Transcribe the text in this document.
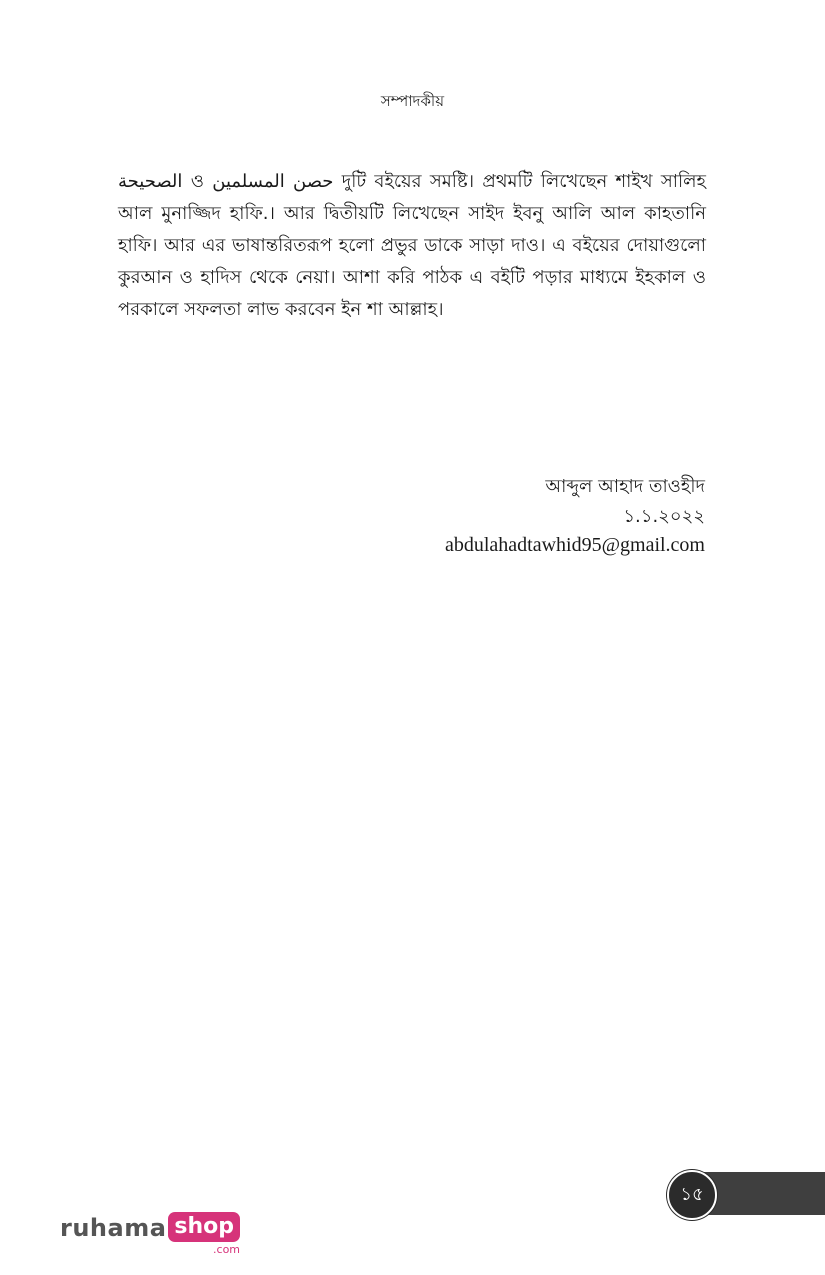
সম্পাদকীয়
حصن المسلمين ও الصحيحة দুটি বইয়ের সমষ্টি। প্রথমটি লিখেছেন শাইখ সালিহ আল মুনাজ্জিদ হাফি.। আর দ্বিতীয়টি লিখেছেন সাইদ ইবনু আলি আল কাহতানি হাফি। আর এর ভাষান্তরিতরূপ হলো প্রভুর ডাকে সাড়া দাও। এ বইয়ের দোয়াগুলো কুরআন ও হাদিস থেকে নেয়া। আশা করি পাঠক এ বইটি পড়ার মাধ্যমে ইহকাল ও পরকালে সফলতা লাভ করবেন ইন শা আল্লাহ।
আব্দুল আহাদ তাওহীদ
১.১.২০২২
abdulahadtawhid95@gmail.com
১৫
ruhama shop
.com
